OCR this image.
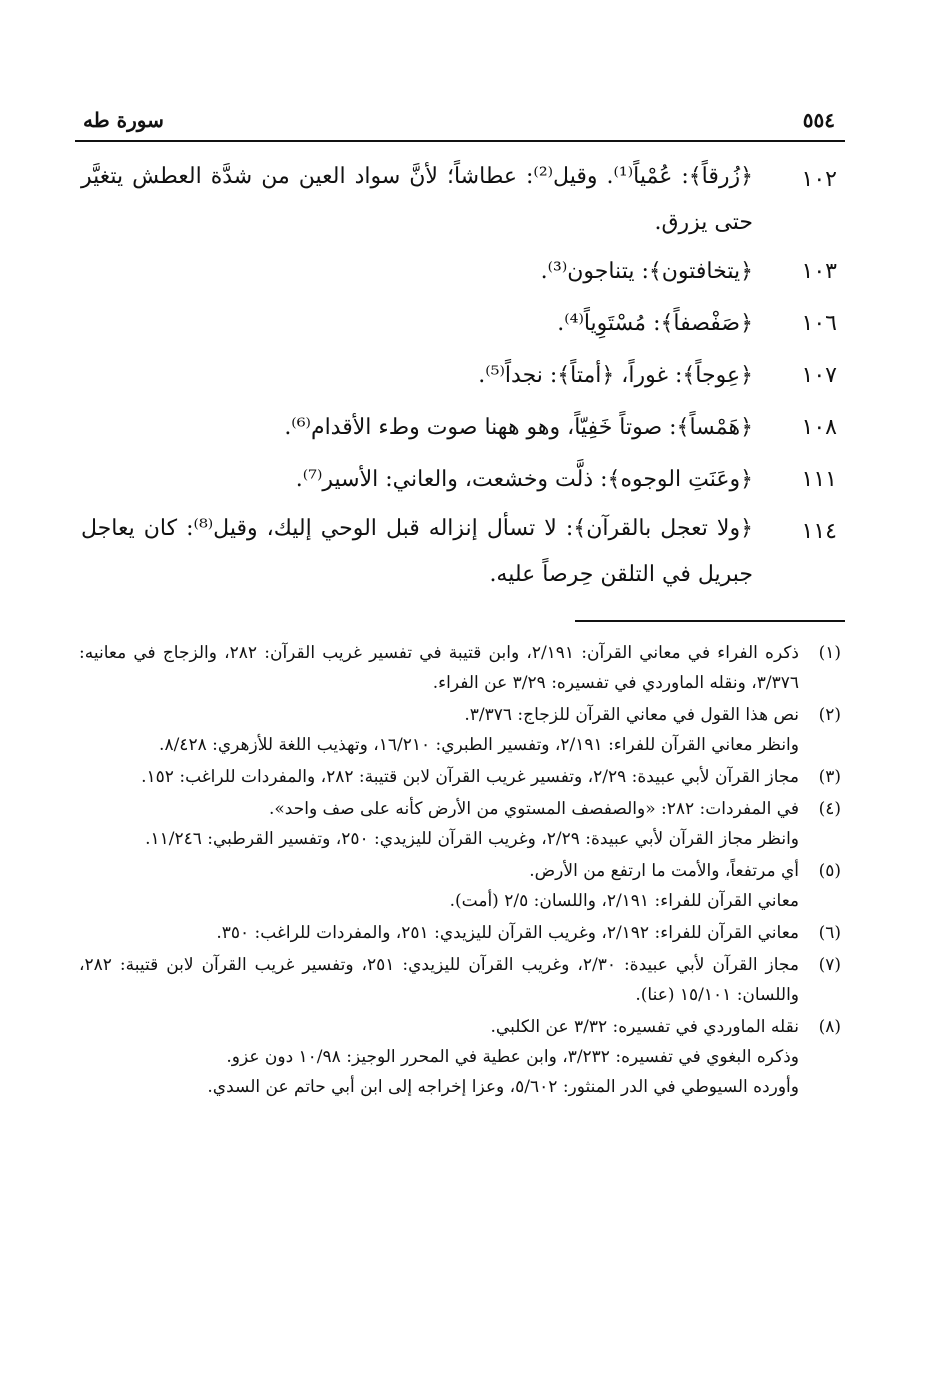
٥٥٤
سورة طه
١٠٢
﴿زُرقاً﴾: عُمْياً⁽¹⁾. وقيل⁽²⁾: عطاشاً؛ لأنَّ سواد العين من شدَّة العطش يتغيَّر حتى يزرق.
١٠٣
﴿يتخافتون﴾: يتناجون⁽³⁾.
١٠٦
﴿صَفْصفاً﴾: مُسْتَوِياً⁽⁴⁾.
١٠٧
﴿عِوجاً﴾: غوراً، ﴿أمتاً﴾: نجداً⁽⁵⁾.
١٠٨
﴿هَمْساً﴾: صوتاً خَفِيّاً، وهو ههنا صوت وطء الأقدام⁽⁶⁾.
١١١
﴿وعَنَتِ الوجوه﴾: ذلَّت وخشعت، والعاني: الأسير⁽⁷⁾.
١١٤
﴿ولا تعجل بالقرآن﴾: لا تسأل إنزاله قبل الوحي إليك، وقيل⁽⁸⁾: كان يعاجل جبريل في التلقن حِرصاً عليه.
(١)

ذكره الفراء في معاني القرآن: ٢/١٩١، وابن قتيبة في تفسير غريب القرآن: ٢٨٢، والزجاج في معانيه: ٣/٣٧٦، ونقله الماوردي في تفسيره: ٣/٢٩ عن الفراء.

(٢)

نص هذا القول في معاني القرآن للزجاج: ٣/٣٧٦.

وانظر معاني القرآن للفراء: ٢/١٩١، وتفسير الطبري: ١٦/٢١٠، وتهذيب اللغة للأزهري: ٨/٤٢٨.

(٣)

مجاز القرآن لأبي عبيدة: ٢/٢٩، وتفسير غريب القرآن لابن قتيبة: ٢٨٢، والمفردات للراغب: ١٥٢.

(٤)

في المفردات: ٢٨٢: «والصفصف المستوي من الأرض كأنه على صف واحد».

وانظر مجاز القرآن لأبي عبيدة: ٢/٢٩، وغريب القرآن لليزيدي: ٢٥٠، وتفسير القرطبي: ١١/٢٤٦.

(٥)

أي مرتفعاً، والأمت ما ارتفع من الأرض.

معاني القرآن للفراء: ٢/١٩١، واللسان: ٢/٥ (أمت).

(٦)

معاني القرآن للفراء: ٢/١٩٢، وغريب القرآن لليزيدي: ٢٥١، والمفردات للراغب: ٣٥٠.

(٧)

مجاز القرآن لأبي عبيدة: ٢/٣٠، وغريب القرآن لليزيدي: ٢٥١، وتفسير غريب القرآن لابن قتيبة: ٢٨٢، واللسان: ١٥/١٠١ (عنا).

(٨)

نقله الماوردي في تفسيره: ٣/٣٢ عن الكلبي.

وذكره البغوي في تفسيره: ٣/٢٣٢، وابن عطية في المحرر الوجيز: ١٠/٩٨ دون عزو.

وأورده السيوطي في الدر المنثور: ٥/٦٠٢، وعزا إخراجه إلى ابن أبي حاتم عن السدي.
